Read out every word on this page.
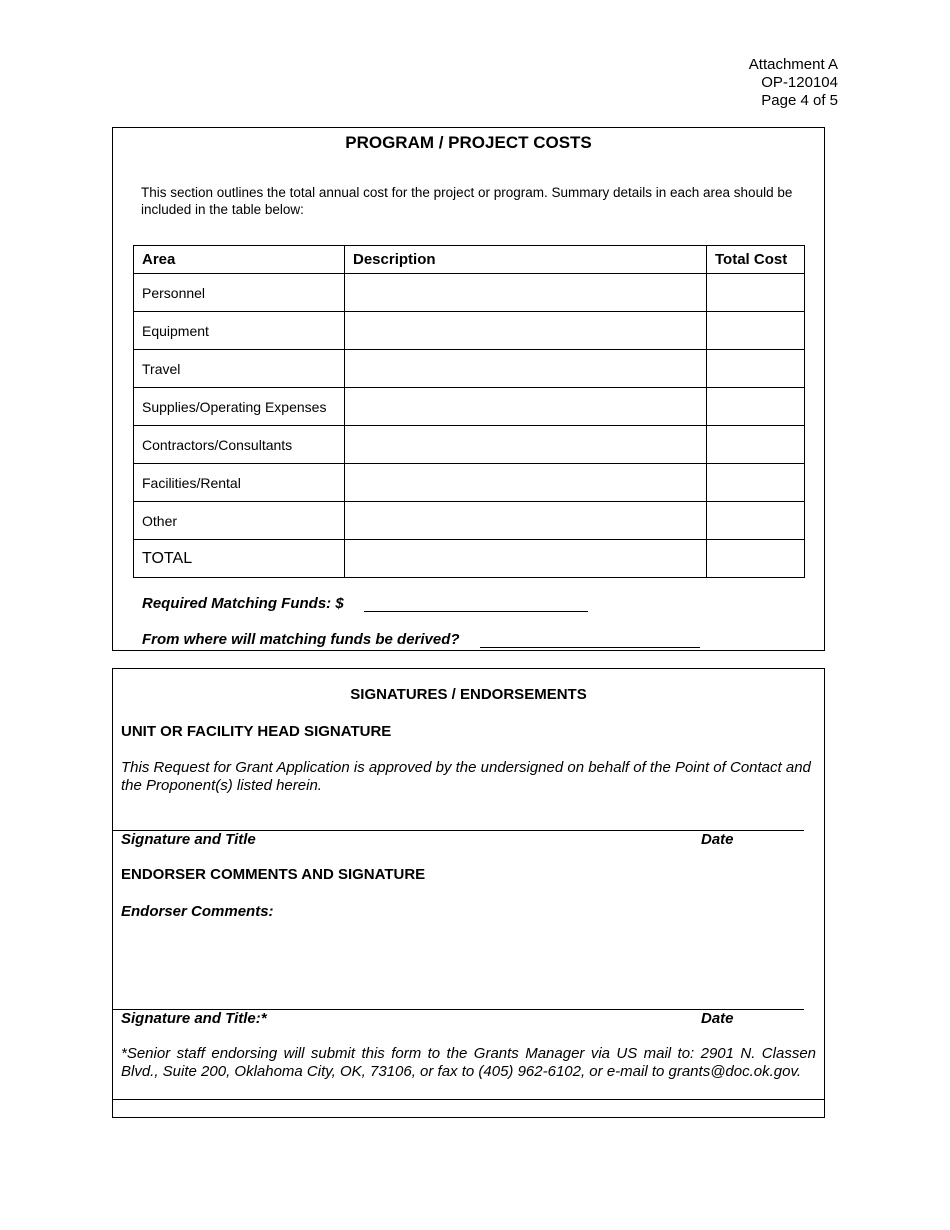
Attachment A
OP-120104
Page 4 of 5
PROGRAM / PROJECT COSTS
This section outlines the total annual cost for the project or program. Summary details in each area should be included in the table below:
Area	Description	Total Cost
Personnel		
Equipment		
Travel		
Supplies/Operating Expenses		
Contractors/Consultants		
Facilities/Rental		
Other		
TOTAL		
Required Matching Funds: $
From where will matching funds be derived?
SIGNATURES / ENDORSEMENTS
UNIT OR FACILITY HEAD SIGNATURE
This Request for Grant Application is approved by the undersigned on behalf of the Point of Contact and the Proponent(s) listed herein.
Signature and Title	Date
ENDORSER COMMENTS AND SIGNATURE
Endorser Comments:
Signature and Title:*	Date
*Senior staff endorsing will submit this form to the Grants Manager via US mail to: 2901 N. Classen Blvd., Suite 200, Oklahoma City, OK, 73106, or fax to (405) 962-6102, or e-mail to grants@doc.ok.gov.
